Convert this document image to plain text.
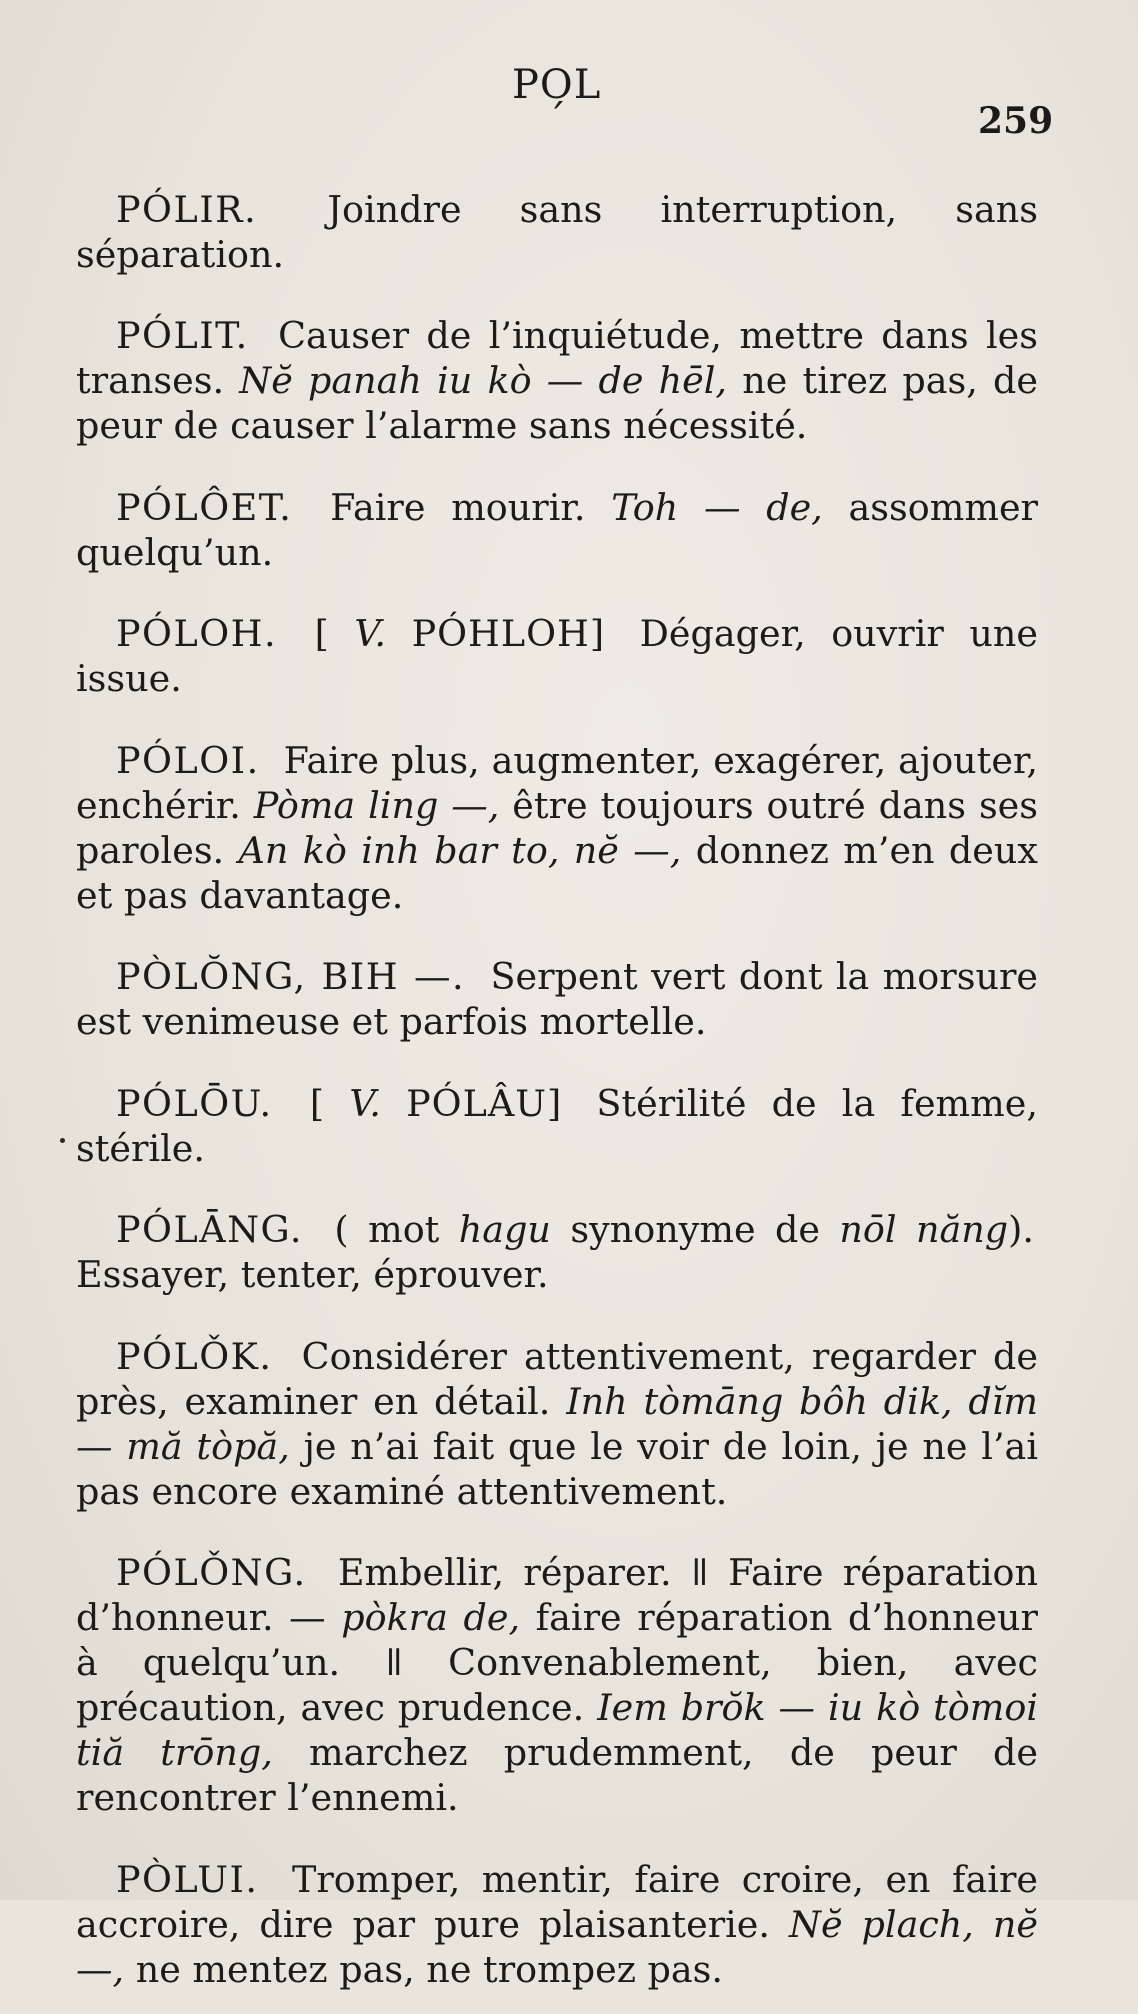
PO̗L
259

PÓLIR. Joindre sans interruption, sans séparation.

PÓLIT. Causer de l’inquiétude, mettre dans les transes. Nĕ panah iu kò — de hēl, ne tirez pas, de peur de causer l’alarme sans nécessité.

PÓLÔET. Faire mourir. Toh — de, assommer quelqu’un.

PÓLOH. [ V. PÓHLOH] Dégager, ouvrir une issue.

PÓLOI. Faire plus, augmenter, exagérer, ajouter, enchérir. Pòma ling —, être toujours outré dans ses paroles. An kò inh bar to, nĕ —, donnez m’en deux et pas davantage.

PÒLŎNG, BIH —. Serpent vert dont la morsure est venimeuse et parfois mortelle.

PÓLŌU. [ V. PÓLÂU] Stérilité de la femme, stérile.

PÓLĀNG. ( mot hagu synonyme de nōl năng). Essayer, tenter, éprouver.

PÓLǑK. Considérer attentivement, regarder de près, examiner en détail. Inh tòmāng bôh dik, dĭm — mă tòpă, je n’ai fait que le voir de loin, je ne l’ai pas encore examiné attentivement.

PÓLǑNG. Embellir, réparer. ǁ Faire réparation d’honneur. — pòkra de, faire réparation d’honneur à quelqu’un. ǁ Convenablement, bien, avec précaution, avec prudence. Iem brŏk — iu kò tòmoi tiă trōng, marchez prudemment, de peur de rencontrer l’ennemi.

PÒLUI. Tromper, mentir, faire croire, en faire accroire, dire par pure plaisanterie. Nĕ plach, nĕ —, ne mentez pas, ne trompez pas.
